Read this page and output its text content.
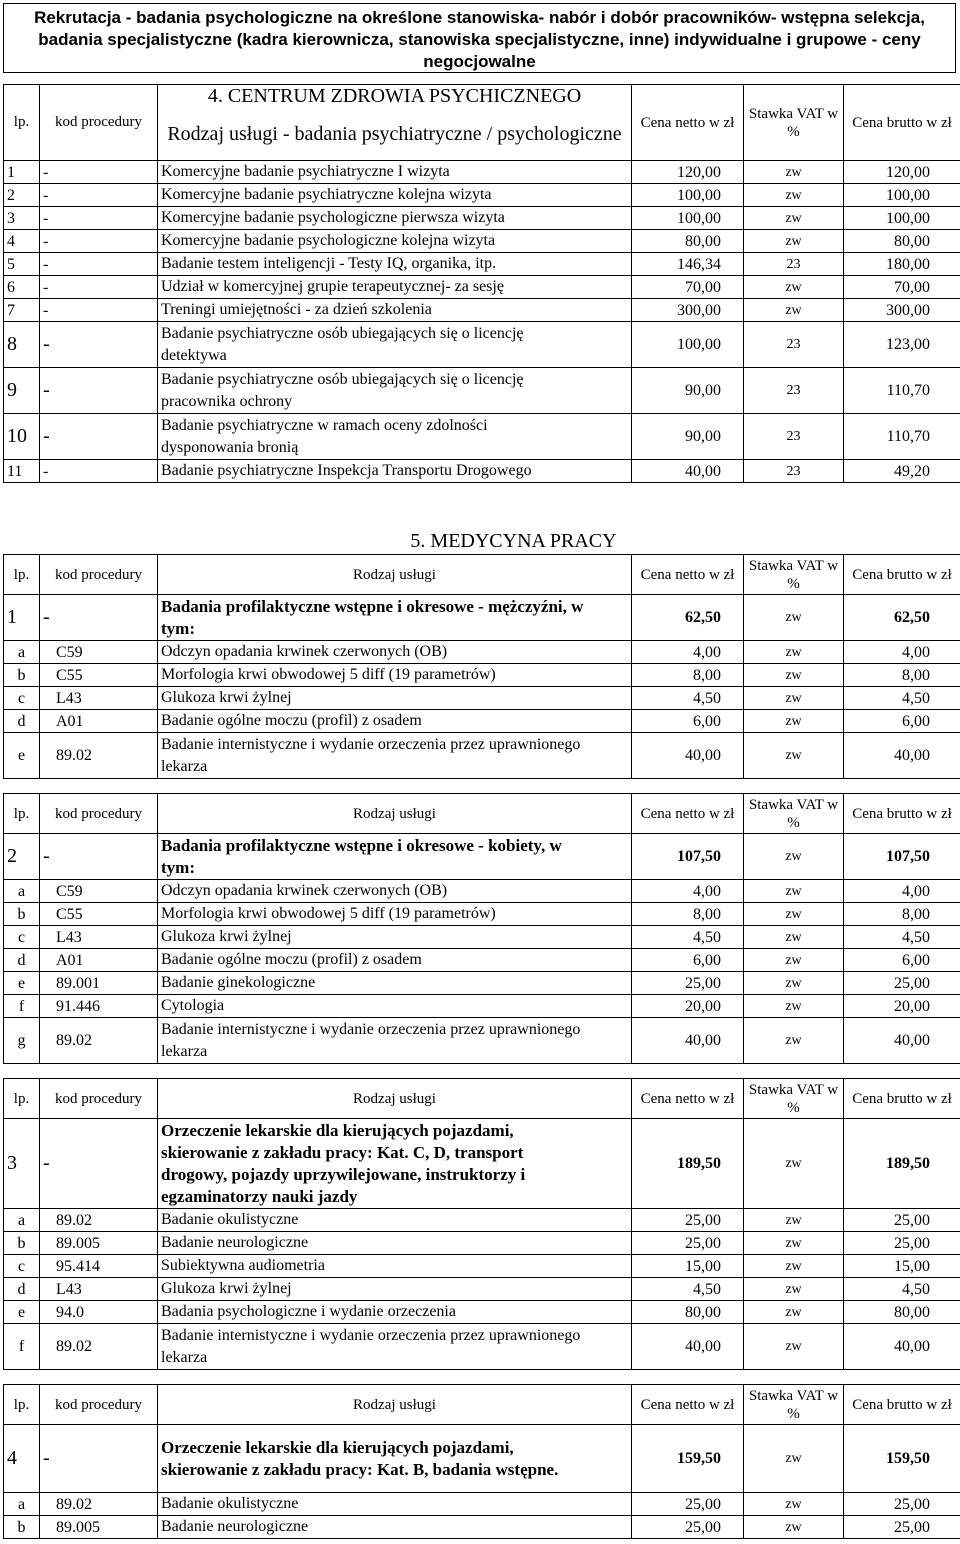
Rekrutacja - badania psychologiczne na określone stanowiska- nabór i dobór pracowników- wstępna selekcja, badania specjalistyczne (kadra kierownicza, stanowiska specjalistyczne, inne) indywidualne i grupowe - ceny negocjowalne
lp.	kod procedury	4. CENTRUM ZDROWIA PSYCHICZNEGO	Cena netto w zł	Stawka VAT w %	Cena brutto w zł
		Rodzaj usługi - badania psychiatryczne / psychologiczne			
1	-	Komercyjne badanie psychiatryczne I wizyta	120,00	zw	120,00
2	-	Komercyjne badanie psychiatryczne kolejna wizyta	100,00	zw	100,00
3	-	Komercyjne badanie psychologiczne pierwsza wizyta	100,00	zw	100,00
4	-	Komercyjne badanie psychologiczne kolejna wizyta	80,00	zw	80,00
5	-	Badanie testem inteligencji - Testy IQ, organika, itp.	146,34	23	180,00
6	-	Udział w komercyjnej grupie terapeutycznej- za sesję	70,00	zw	70,00
7	-	Treningi umiejętności - za dzień szkolenia	300,00	zw	300,00
8	-	Badanie psychiatryczne osób ubiegających się o licencję detektywa	100,00	23	123,00
9	-	Badanie psychiatryczne osób ubiegających się o licencję pracownika ochrony	90,00	23	110,70
10	-	Badanie psychiatryczne w ramach oceny zdolności dysponowania bronią	90,00	23	110,70
11	-	Badanie psychiatryczne Inspekcja Transportu Drogowego	40,00	23	49,20
5. MEDYCYNA PRACY
lp.	kod procedury	Rodzaj usługi	Cena netto w zł	Stawka VAT w %	Cena brutto w zł
1	-	Badania profilaktyczne wstępne i okresowe - mężczyźni, w tym:	62,50	zw	62,50
a	C59	Odczyn opadania krwinek czerwonych (OB)	4,00	zw	4,00
b	C55	Morfologia krwi obwodowej 5 diff (19 parametrów)	8,00	zw	8,00
c	L43	Glukoza krwi żylnej	4,50	zw	4,50
d	A01	Badanie ogólne moczu (profil) z osadem	6,00	zw	6,00
e	89.02	Badanie internistyczne i wydanie orzeczenia przez uprawnionego lekarza	40,00	zw	40,00
lp.	kod procedury	Rodzaj usługi	Cena netto w zł	Stawka VAT w %	Cena brutto w zł
2	-	Badania profilaktyczne wstępne i okresowe - kobiety, w tym:	107,50	zw	107,50
a	C59	Odczyn opadania krwinek czerwonych (OB)	4,00	zw	4,00
b	C55	Morfologia krwi obwodowej 5 diff (19 parametrów)	8,00	zw	8,00
c	L43	Glukoza krwi żylnej	4,50	zw	4,50
d	A01	Badanie ogólne moczu (profil) z osadem	6,00	zw	6,00
e	89.001	Badanie ginekologiczne	25,00	zw	25,00
f	91.446	Cytologia	20,00	zw	20,00
g	89.02	Badanie internistyczne i wydanie orzeczenia przez uprawnionego lekarza	40,00	zw	40,00
lp.	kod procedury	Rodzaj usługi	Cena netto w zł	Stawka VAT w %	Cena brutto w zł
3	-	Orzeczenie lekarskie dla kierujących pojazdami, skierowanie z zakładu pracy: Kat. C, D, transport drogowy, pojazdy uprzywilejowane, instruktorzy i egzaminatorzy nauki jazdy	189,50	zw	189,50
a	89.02	Badanie okulistyczne	25,00	zw	25,00
b	89.005	Badanie neurologiczne	25,00	zw	25,00
c	95.414	Subiektywna audiometria	15,00	zw	15,00
d	L43	Glukoza krwi żylnej	4,50	zw	4,50
e	94.0	Badania psychologiczne i wydanie orzeczenia	80,00	zw	80,00
f	89.02	Badanie internistyczne i wydanie orzeczenia przez uprawnionego lekarza	40,00	zw	40,00
lp.	kod procedury	Rodzaj usługi	Cena netto w zł	Stawka VAT w %	Cena brutto w zł
4	-	Orzeczenie lekarskie dla kierujących pojazdami, skierowanie z zakładu pracy: Kat. B, badania wstępne.	159,50	zw	159,50
a	89.02	Badanie okulistyczne	25,00	zw	25,00
b	89.005	Badanie neurologiczne	25,00	zw	25,00
